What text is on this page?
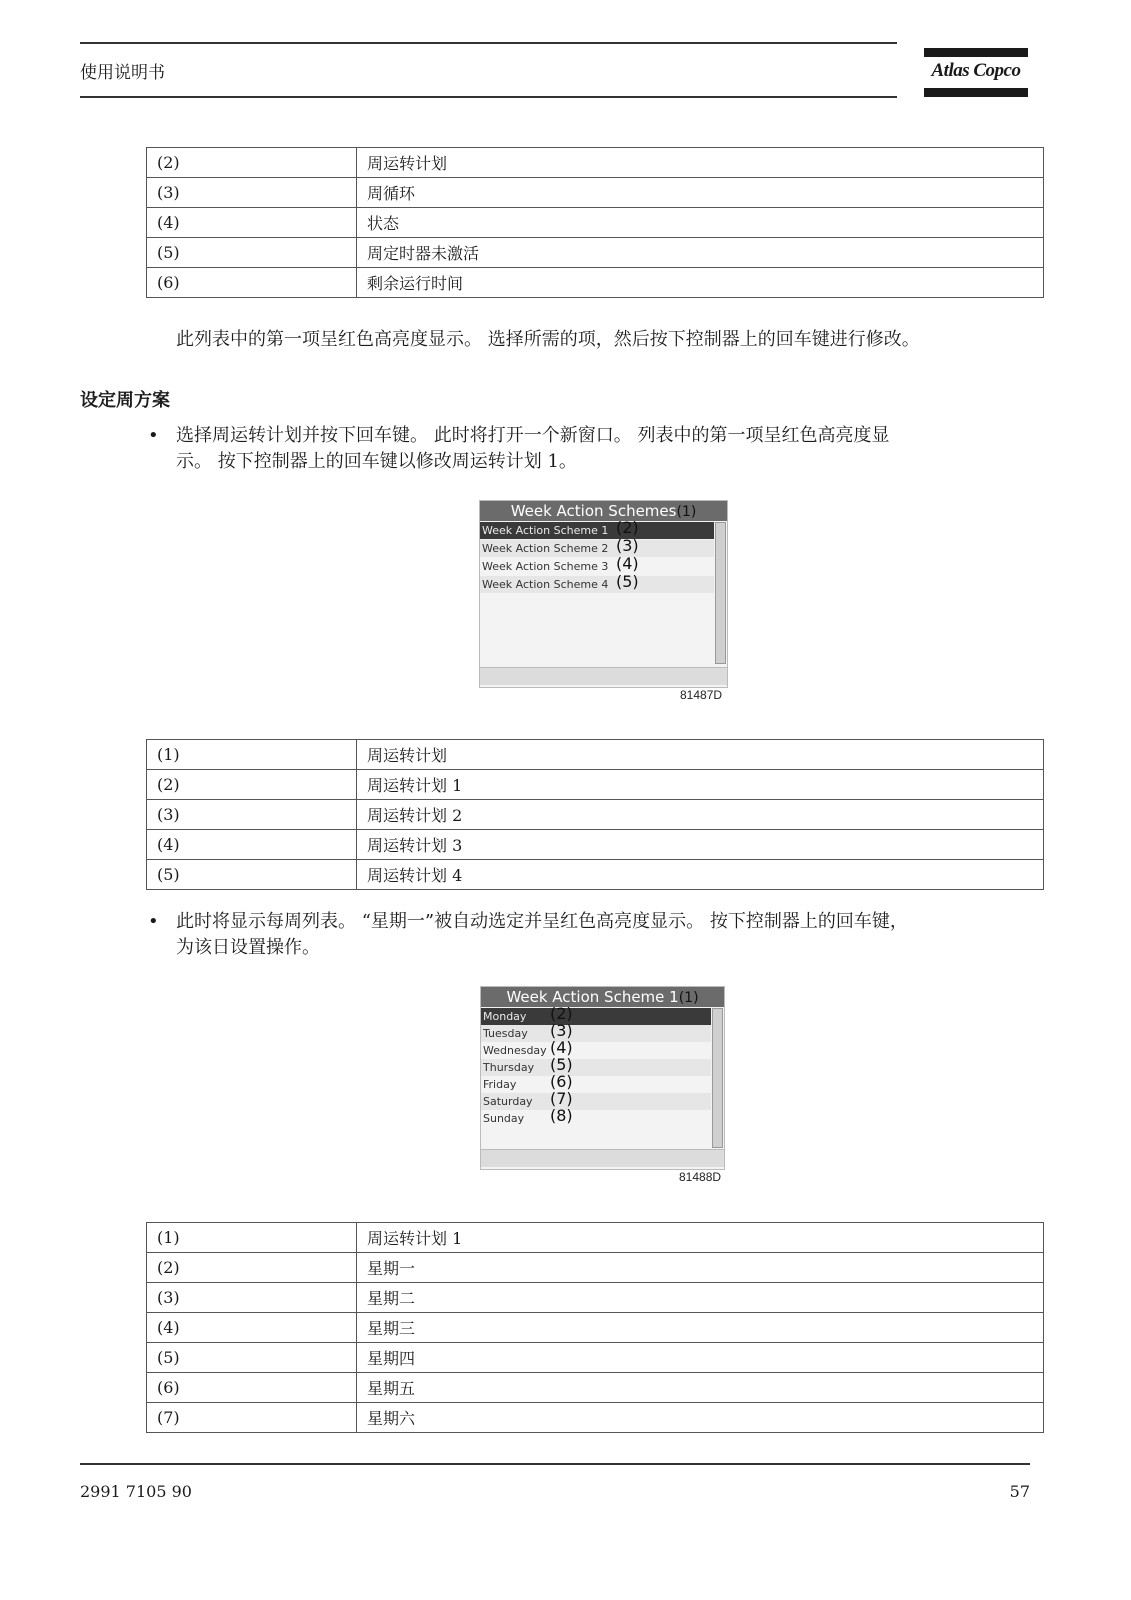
使用说明书	Atlas Copco
(2)	周运转计划
(3)	周循环
(4)	状态
(5)	周定时器未激活
(6)	剩余运行时间
此列表中的第一项呈红色高亮度显示。 选择所需的项，然后按下控制器上的回车键进行修改。
设定周方案
• 选择周运转计划并按下回车键。 此时将打开一个新窗口。 列表中的第一项呈红色高亮度显
示。 按下控制器上的回车键以修改周运转计划 1。
Week Action Schemes(1)
Week Action Scheme 1 (2)
Week Action Scheme 2 (3)
Week Action Scheme 3 (4)
Week Action Scheme 4 (5)
81487D
(1)	周运转计划
(2)	周运转计划 1
(3)	周运转计划 2
(4)	周运转计划 3
(5)	周运转计划 4
• 此时将显示每周列表。 “星期一”被自动选定并呈红色高亮度显示。 按下控制器上的回车键，
为该日设置操作。
Week Action Scheme 1(1)
Monday (2)
Tuesday (3)
Wednesday (4)
Thursday (5)
Friday (6)
Saturday (7)
Sunday (8)
81488D
(1)	周运转计划 1
(2)	星期一
(3)	星期二
(4)	星期三
(5)	星期四
(6)	星期五
(7)	星期六
2991 7105 90	57
